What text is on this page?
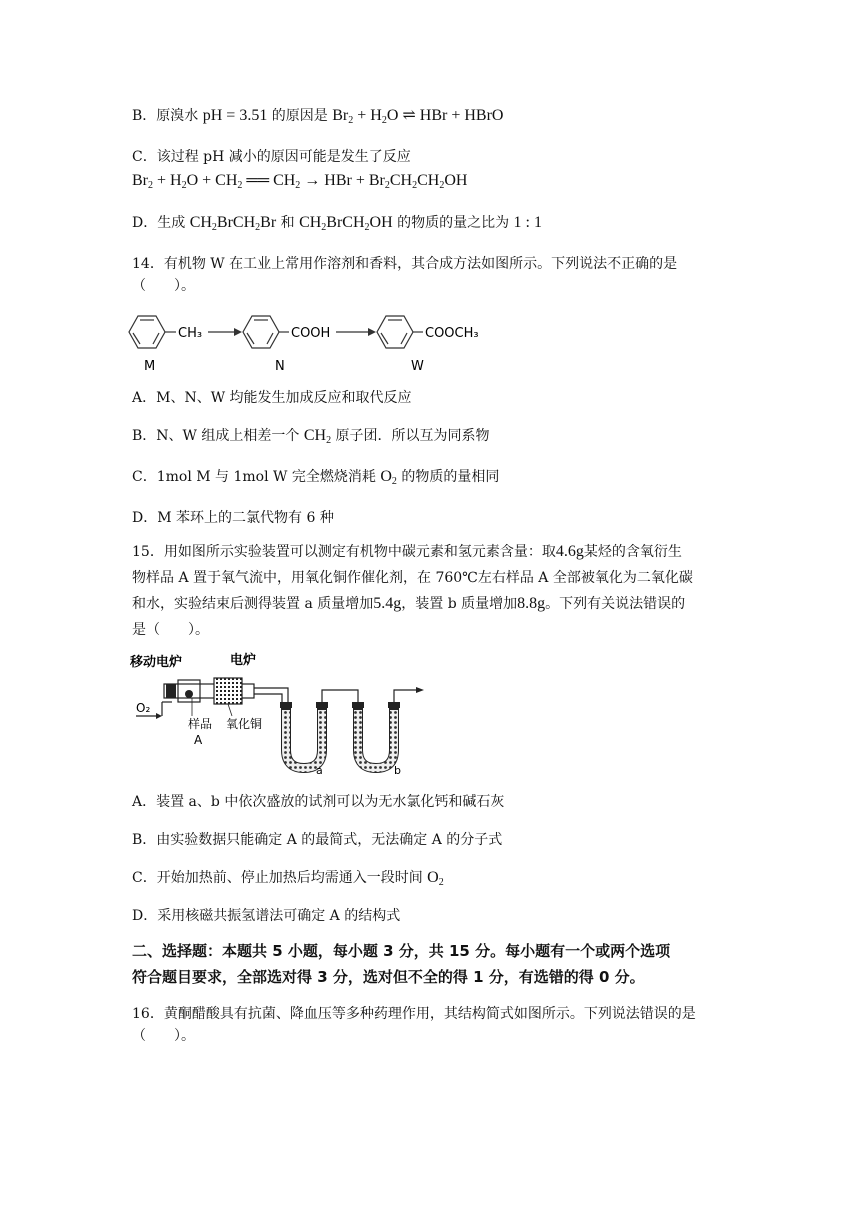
B．原溴水 pH = 3.51 的原因是 $Br_2 + H_2O$ ⇌ HBr + HBrO
C．该过程 pH 减小的原因可能是发生了反应
$Br_2 + H_2O + CH_2$ ══ $CH_2$ → HBr + $Br_2CH_2CH_2OH$
D．生成 $CH_2BrCH_2Br$ 和 $CH_2BrCH_2OH$ 的物质的量之比为 1 : 1
14．有机物 W 在工业上常用作溶剂和香料，其合成方法如图所示。下列说法不正确的是
（　　）。
CH₃
M
COOH
N
COOCH₃
W
A．M、N、W 均能发生加成反应和取代反应
B．N、W 组成上相差一个 $CH_2$ 原子团．所以互为同系物
C．1mol M 与 1mol W 完全燃烧消耗 $O_2$ 的物质的量相同
D．M 苯环上的二氯代物有 6 种
15．用如图所示实验装置可以测定有机物中碳元素和氢元素含量：取4.6g某烃的含氧衍生
物样品 A 置于氧气流中，用氧化铜作催化剂，在 760℃左右样品 A 全部被氧化为二氧化碳
和水，实验结束后测得装置 a 质量增加5.4g，装置 b 质量增加8.8g。下列有关说法错误的
是（　　）。
移动电炉	电炉
O₂
样品
A
氧化铜
a	b
A．装置 a、b 中依次盛放的试剂可以为无水氯化钙和碱石灰
B．由实验数据只能确定 A 的最简式，无法确定 A 的分子式
C．开始加热前、停止加热后均需通入一段时间 $O_2$
D．采用核磁共振氢谱法可确定 A 的结构式
二、选择题：本题共 5 小题，每小题 3 分，共 15 分。每小题有一个或两个选项
符合题目要求，全部选对得 3 分，选对但不全的得 1 分，有选错的得 0 分。
16．黄酮醋酸具有抗菌、降血压等多种药理作用，其结构简式如图所示。下列说法错误的是
（　　）。
